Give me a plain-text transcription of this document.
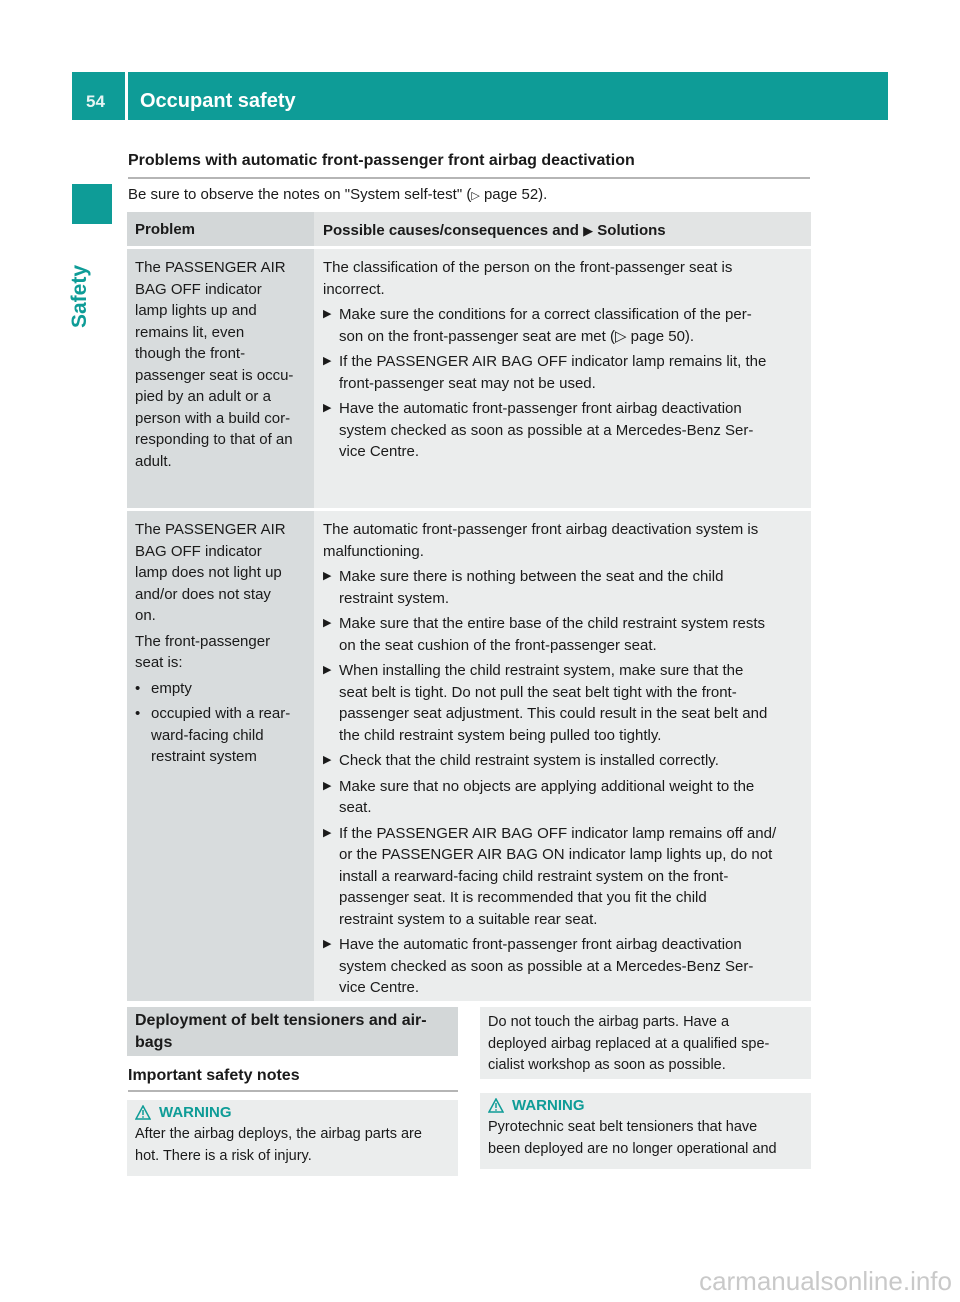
54 Occupant safety
Safety
Problems with automatic front-passenger front airbag deactivation
Be sure to observe the notes on "System self-test" (▷ page 52).
Problem	Possible causes/consequences and ▶ Solutions
The PASSENGER AIR
BAG OFF indicator
lamp lights up and
remains lit, even
though the front-
passenger seat is occu-
pied by an adult or a
person with a build cor-
responding to that of an
adult.
The classification of the person on the front-passenger seat is
incorrect.
▶ Make sure the conditions for a correct classification of the per-
son on the front-passenger seat are met (▷ page 50).
▶ If the PASSENGER AIR BAG OFF indicator lamp remains lit, the
front-passenger seat may not be used.
▶ Have the automatic front-passenger front airbag deactivation
system checked as soon as possible at a Mercedes-Benz Ser-
vice Centre.
The PASSENGER AIR
BAG OFF indicator
lamp does not light up
and/or does not stay
on.
The front-passenger
seat is:
• empty
• occupied with a rear-
ward-facing child
restraint system
The automatic front-passenger front airbag deactivation system is
malfunctioning.
▶ Make sure there is nothing between the seat and the child
restraint system.
▶ Make sure that the entire base of the child restraint system rests
on the seat cushion of the front-passenger seat.
▶ When installing the child restraint system, make sure that the
seat belt is tight. Do not pull the seat belt tight with the front-
passenger seat adjustment. This could result in the seat belt and
the child restraint system being pulled too tightly.
▶ Check that the child restraint system is installed correctly.
▶ Make sure that no objects are applying additional weight to the
seat.
▶ If the PASSENGER AIR BAG OFF indicator lamp remains off and/
or the PASSENGER AIR BAG ON indicator lamp lights up, do not
install a rearward-facing child restraint system on the front-
passenger seat. It is recommended that you fit the child
restraint system to a suitable rear seat.
▶ Have the automatic front-passenger front airbag deactivation
system checked as soon as possible at a Mercedes-Benz Ser-
vice Centre.
Deployment of belt tensioners and air-
bags
Important safety notes
WARNING
After the airbag deploys, the airbag parts are
hot. There is a risk of injury.
Do not touch the airbag parts. Have a
deployed airbag replaced at a qualified spe-
cialist workshop as soon as possible.
WARNING
Pyrotechnic seat belt tensioners that have
been deployed are no longer operational and
carmanualsonline.info
